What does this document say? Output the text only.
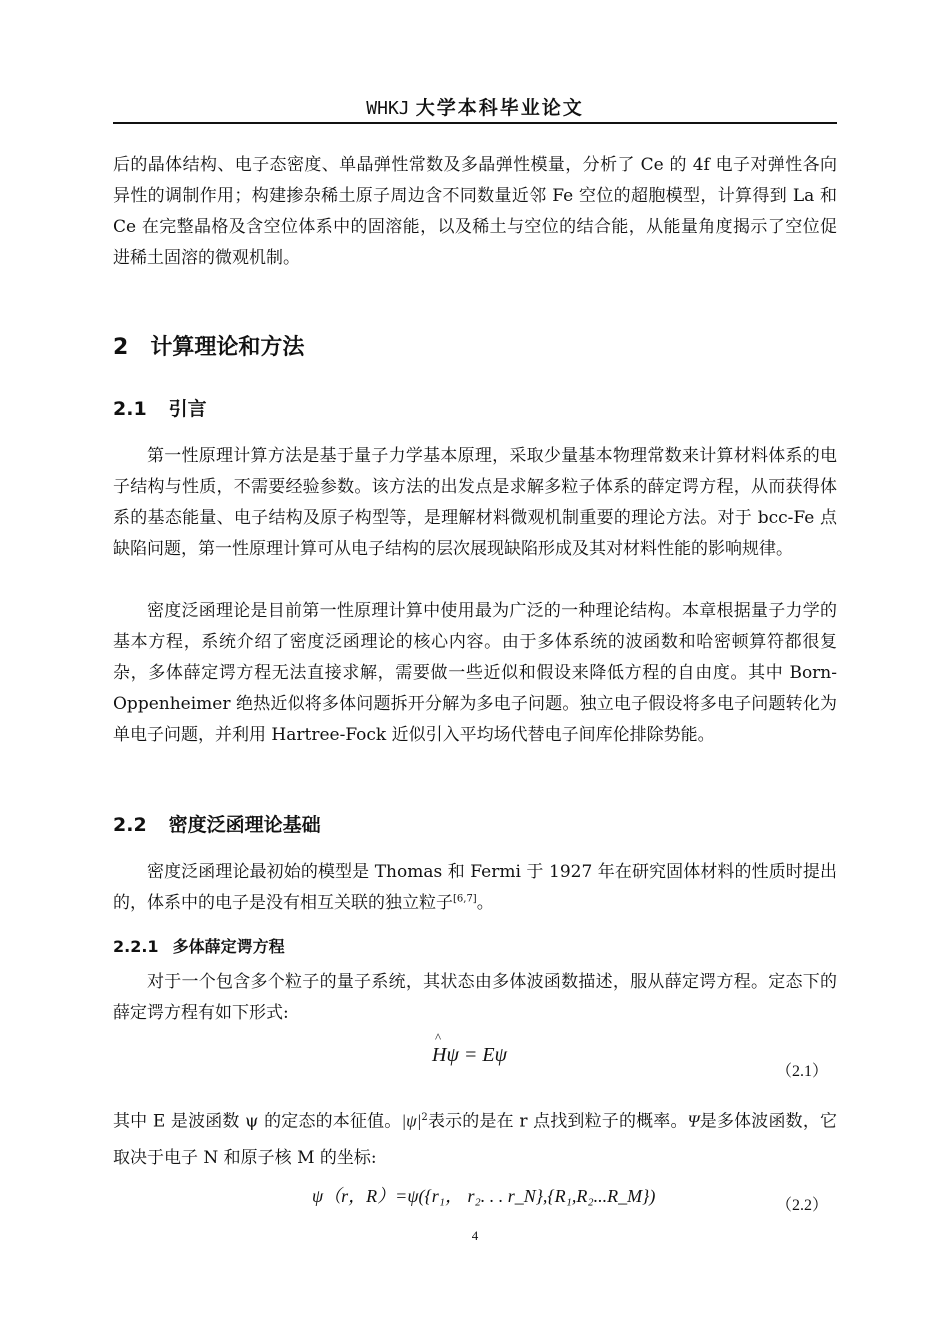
WHKJ 大学本科毕业论文

后的晶体结构、电子态密度、单晶弹性常数及多晶弹性模量，分析了 Ce 的 4f 电子对弹性各向异性的调制作用；构建掺杂稀土原子周边含不同数量近邻 Fe 空位的超胞模型，计算得到 La 和 Ce 在完整晶格及含空位体系中的固溶能，以及稀土与空位的结合能，从能量角度揭示了空位促进稀土固溶的微观机制。

2 计算理论和方法
2.1 引言

第一性原理计算方法是基于量子力学基本原理，采取少量基本物理常数来计算材料体系的电子结构与性质，不需要经验参数。该方法的出发点是求解多粒子体系的薛定谔方程，从而获得体系的基态能量、电子结构及原子构型等，是理解材料微观机制重要的理论方法。对于 bcc-Fe 点缺陷问题，第一性原理计算可从电子结构的层次展现缺陷形成及其对材料性能的影响规律。

密度泛函理论是目前第一性原理计算中使用最为广泛的一种理论结构。本章根据量子力学的基本方程，系统介绍了密度泛函理论的核心内容。由于多体系统的波函数和哈密顿算符都很复杂，多体薛定谔方程无法直接求解，需要做一些近似和假设来降低方程的自由度。其中 Born-Oppenheimer 绝热近似将多体问题拆开分解为多电子问题。独立电子假设将多电子问题转化为单电子问题，并利用 Hartree-Fock 近似引入平均场代替电子间库伦排除势能。

2.2 密度泛函理论基础

密度泛函理论最初始的模型是 Thomas 和 Fermi 于 1927 年在研究固体材料的性质时提出的，体系中的电子是没有相互关联的独立粒子[6,7]。

2.2.1 多体薛定谔方程

对于一个包含多个粒子的量子系统，其状态由多体波函数描述，服从薛定谔方程。定态下的薛定谔方程有如下形式:

^ Hψ = Eψ
（2.1）

其中 E 是波函数 ψ 的定态的本征值。$|\psi|^2$表示的是在 r 点找到粒子的概率。Ψ是多体波函数，它取决于电子 N 和原子核 M 的坐标:

ψ（r，R）=ψ({r₁， r₂. . . r_N},{R₁,R₂...R_M})	（2.2）
4
